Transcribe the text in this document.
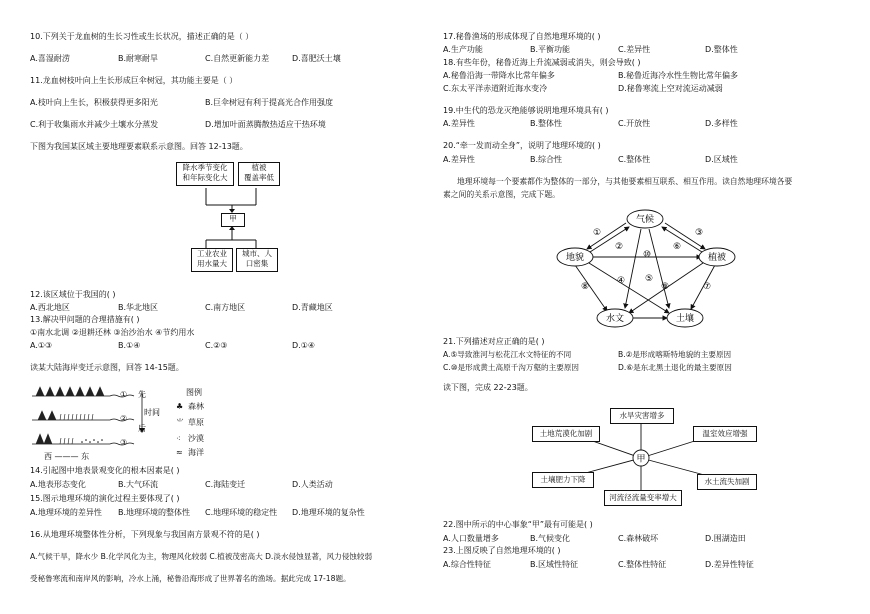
10.下列关于龙血树的生长习性或生长状况，描述正确的是（ ）
A.喜湿耐涝	B.耐寒耐旱	C.自然更新能力差	D.喜肥沃土壤
11.龙血树枝叶向上生长形成巨伞树冠，其功能主要是（ ）
A.枝叶向上生长，积极获得更多阳光	B.巨伞树冠有利于提高光合作用强度
C.利于收集雨水并减少土壤水分蒸发	D.增加叶面蒸腾散热适应干热环境
下图为我国某区域主要地理要素联系示意图。回答 12-13题。
降水季节变化
和年际变化大
植被
覆盖率低
甲
工业农业
用水量大
城市、人
口密集
12.该区域位于我国的( )
A.西北地区	B.华北地区	C.南方地区	D.青藏地区
13.解决甲问题的合理措施有( )
①南水北调 ②退耕还林 ③治沙治水 ④节约用水
A.①③	B.①④	C.②③	D.①④
读某大陆海岸变迁示意图，回答 14-15题。
①
②
③
先
时间
后
西 ——— 东
图例
♣ 森林
⺌ 草原
⁖ 沙漠
≈ 海洋
14.引起图中地表景观变化的根本因素是( )
A.地表形态变化	B.大气环流	C.海陆变迁	D.人类活动
15.图示地理环境的演化过程主要体现了( )
A.地理环境的差异性 B.地理环境的整体性 C.地理环境的稳定性 D.地理环境的复杂性
16.从地理环境整体性分析，下列现象与我国南方景观不符的是( )
A.气候干旱，降水少 B.化学风化为主，物理风化较弱 C.植被茂密高大 D.淡水侵蚀显著，风力侵蚀较弱
受秘鲁寒流和南岸风的影响，冷水上涌，秘鲁沿海形成了世界著名的渔场。据此完成 17-18题。
17.秘鲁渔场的形成体现了自然地理环境的( )
A.生产功能	B.平衡功能	C.差异性	D.整体性
18.有些年份，秘鲁近海上升流减弱或消失，则会导致( )
A.秘鲁沿海一带降水比常年偏多	B.秘鲁近海冷水性生物比常年偏多
C.东太平洋赤道附近海水变冷	D.秘鲁寒流上空对流运动减弱
19.中生代的恐龙灭绝能够说明地理环境具有( )
A.差异性	B.整体性	C.开放性	D.多样性
20.“牵一发而动全身”，说明了地理环境的( )
A.差异性	B.综合性	C.整体性	D.区域性
地理环境每一个要素都作为整体的一部分，与其他要素相互联系、相互作用。读自然地理环境各要
素之间的关系示意图，完成下题。
气候
地貌	植被
水文	土壤
①
②
③
④ ⑤
⑥
⑦
⑧	⑨
⑩
21.下列描述对应正确的是( )
A.⑤导致淮河与松花江水文特征的不同	B.②是形成喀斯特地貌的主要原因
C.⑩是形成黄土高原千沟万壑的主要原因	D.⑥是东北黑土退化的最主要原因
读下图，完成 22-23题。
甲
水旱灾害增多
土地荒漠化加剧	温室效应增强
土壤肥力下降	水土流失加剧
河流径流量变率增大
22.图中所示的中心事象“甲”最有可能是( )
A.人口数量增多	B.气候变化	C.森林破坏	D.围湖造田
23.上图反映了自然地理环境的( )
A.综合性特征	B.区域性特征	C.整体性特征	D.差异性特征
